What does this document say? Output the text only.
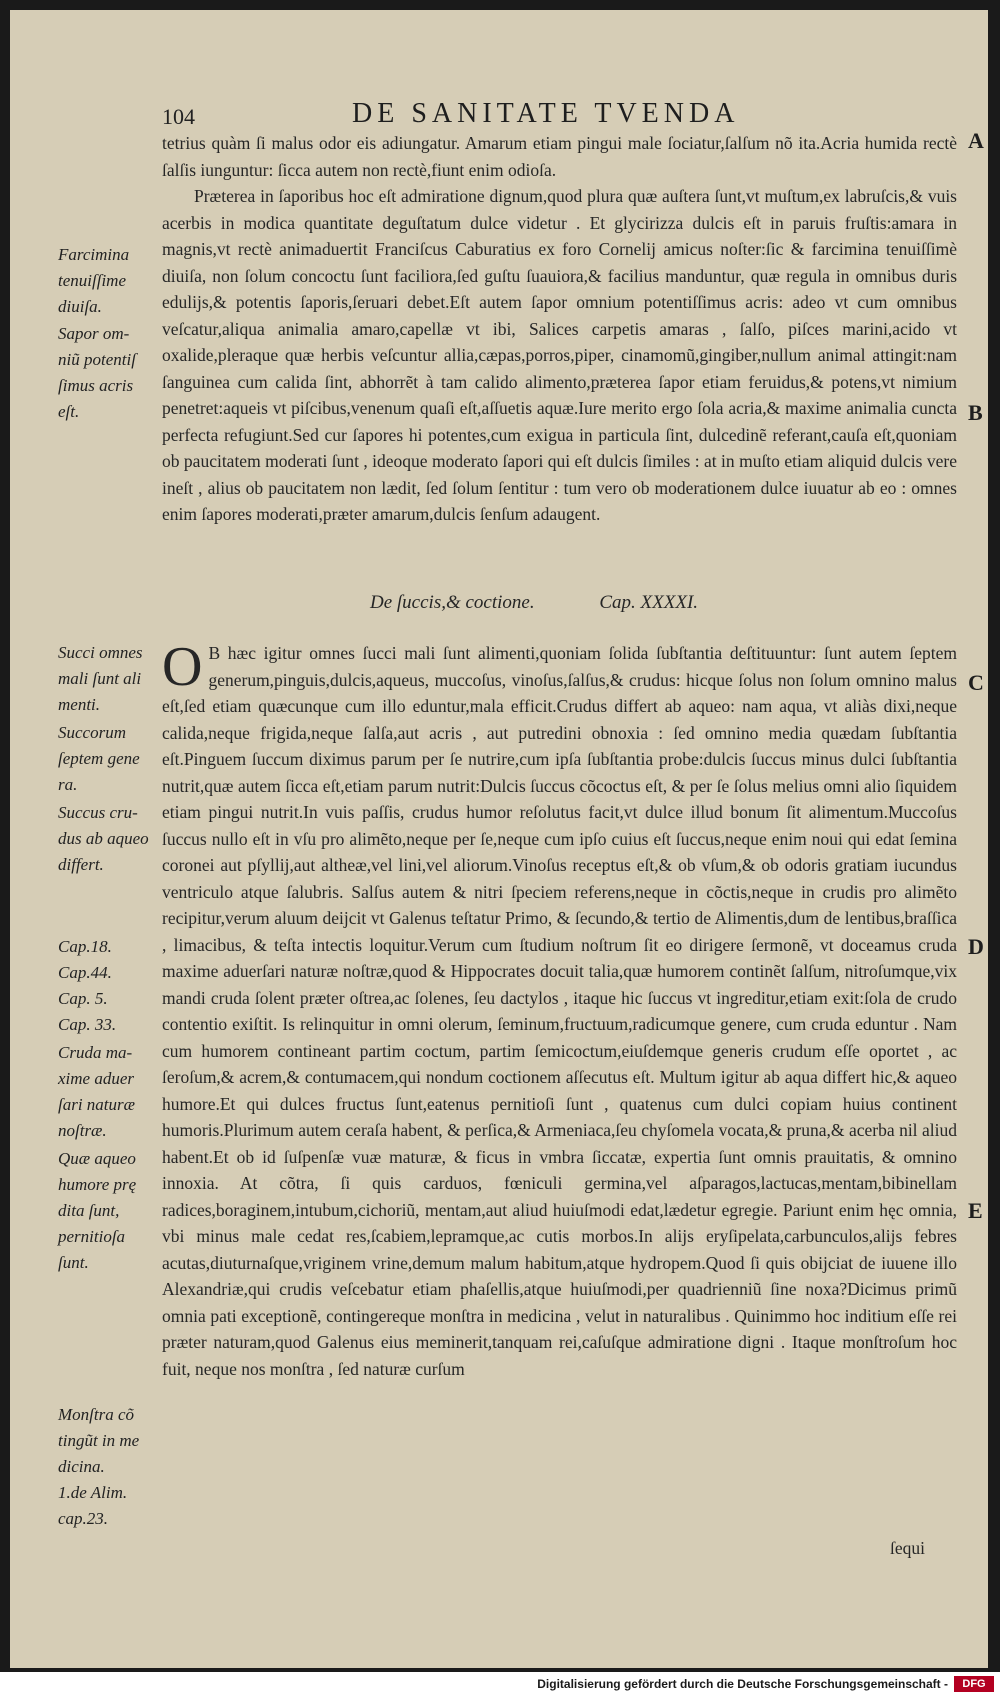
104	DE SANITATE TVENDA

tetrius quàm ſi malus odor eis adiungatur. Amarum etiam pingui male ſociatur,ſalſum nõ ita.Acria humida rectè ſalſis iunguntur: ſicca autem non rectè,fiunt enim odioſa.

Præterea in ſaporibus hoc eſt admiratione dignum,quod plura quæ auſtera ſunt,vt muſtum,ex labruſcis,& vuis acerbis in modica quantitate deguſtatum dulce videtur . Et glycirizza dulcis eſt in paruis fruſtis:amara in magnis,vt rectè animaduertit Franciſcus Caburatius ex foro Cornelij amicus noſter:ſic & farcimina tenuiſſimè diuiſa, non ſolum concoctu ſunt faciliora,ſed guſtu ſuauiora,& facilius manduntur, quæ regula in omnibus duris edulijs,& potentis ſaporis,ſeruari debet.Eſt autem ſapor omnium potentiſſimus acris: adeo vt cum omnibus veſcatur,aliqua animalia amaro,capellæ vt ibi, Salices carpetis amaras , ſalſo, piſces marini,acido vt oxalide,pleraque quæ herbis veſcuntur allia,cæpas,porros,piper, cinamomũ,gingiber,nullum animal attingit:nam ſanguinea cum calida ſint, abhorrẽt à tam calido alimento,præterea ſapor etiam feruidus,& potens,vt nimium penetret:aqueis vt piſcibus,venenum quaſi eſt,aſſuetis aquæ.Iure merito ergo ſola acria,& maxime animalia cuncta perfecta refugiunt.Sed cur ſapores hi potentes,cum exigua in particula ſint, dulcedinẽ referant,cauſa eſt,quoniam ob paucitatem moderati ſunt , ideoque moderato ſapori qui eſt dulcis ſimiles : at in muſto etiam aliquid dulcis vere ineſt , alius ob paucitatem non lædit, ſed ſolum ſentitur : tum vero ob moderationem dulce iuuatur ab eo : omnes enim ſapores moderati,præter amarum,dulcis ſenſum adaugent.

De ſuccis,& coctione.	Cap. XXXXI.

O B hæc igitur omnes ſucci mali ſunt alimenti,quoniam ſolida ſubſtantia deſtituuntur: ſunt autem ſeptem generum,pinguis,dulcis,aqueus, muccoſus, vinoſus,ſalſus,& crudus: hicque ſolus non ſolum omnino malus eſt,ſed etiam quæcunque cum illo eduntur,mala efficit.Crudus differt ab aqueo: nam aqua, vt aliàs dixi,neque calida,neque frigida,neque ſalſa,aut acris , aut putredini obnoxia : ſed omnino media quædam ſubſtantia eſt.Pinguem ſuccum diximus parum per ſe nutrire,cum ipſa ſubſtantia probe:dulcis ſuccus minus dulci ſubſtantia nutrit,quæ autem ſicca eſt,etiam parum nutrit:Dulcis ſuccus cõcoctus eſt, & per ſe ſolus melius omni alio ſiquidem etiam pingui nutrit.In vuis paſſis, crudus humor reſolutus facit,vt dulce illud bonum ſit alimentum.Muccoſus ſuccus nullo eſt in vſu pro alimẽto,neque per ſe,neque cum ipſo cuius eſt ſuccus,neque enim noui qui edat ſemina coronei aut pſyllij,aut altheæ,vel lini,vel aliorum.Vinoſus receptus eſt,& ob vſum,& ob odoris gratiam iucundus ventriculo atque ſalubris. Salſus autem & nitri ſpeciem referens,neque in cõctis,neque in crudis pro alimẽto recipitur,verum aluum deijcit vt Galenus teſtatur Primo, & ſecundo,& tertio de Alimentis,dum de lentibus,braſſica , limacibus, & teſta intectis loquitur.Verum cum ſtudium noſtrum ſit eo dirigere ſermonẽ, vt doceamus cruda maxime aduerſari naturæ noſtræ,quod & Hippocrates docuit talia,quæ humorem continẽt ſalſum, nitroſumque,vix mandi cruda ſolent præter oſtrea,ac ſolenes, ſeu dactylos , itaque hic ſuccus vt ingreditur,etiam exit:ſola de crudo contentio exiſtit. Is relinquitur in omni olerum, ſeminum,fructuum,radicumque genere, cum cruda eduntur . Nam cum humorem contineant partim coctum, partim ſemicoctum,eiuſdemque generis crudum eſſe oportet , ac ſeroſum,& acrem,& contumacem,qui nondum coctionem aſſecutus eſt. Multum igitur ab aqua differt hic,& aqueo humore.Et qui dulces fructus ſunt,eatenus pernitioſi ſunt , quatenus cum dulci copiam huius continent humoris.Plurimum autem ceraſa habent, & perſica,& Armeniaca,ſeu chyſomela vocata,& pruna,& acerba nil aliud habent.Et ob id ſuſpenſæ vuæ maturæ, & ficus in vmbra ſiccatæ, expertia ſunt omnis prauitatis, & omnino innoxia. At cõtra, ſi quis carduos, fœniculi germina,vel aſparagos,lactucas,mentam,bibinellam radices,boraginem,intubum,cichoriũ, mentam,aut aliud huiuſmodi edat,lædetur egregie. Pariunt enim hęc omnia, vbi minus male cedat res,ſcabiem,lepramque,ac cutis morbos.In alijs eryſipelata,carbunculos,alijs febres acutas,diuturnaſque,vriginem vrine,demum malum habitum,atque hydropem.Quod ſi quis obijciat de iuuene illo Alexandriæ,qui crudis veſcebatur etiam phaſellis,atque huiuſmodi,per quadrienniũ ſine noxa?Dicimus primũ omnia pati exceptionẽ, contingereque monſtra in medicina , velut in naturalibus . Quinimmo hoc inditium eſſe rei præter naturam,quod Galenus eius meminerit,tanquam rei,caſuſque admiratione digni . Itaque monſtroſum hoc fuit, neque nos monſtra , ſed naturæ curſum

Farcimina
tenuiſſime
diuiſa.
Sapor om-
niũ potentiſ
ſimus acris
eſt.
Succi omnes
mali ſunt ali
menti.
Succorum
ſeptem gene
ra.
Succus cru-
dus ab aqueo
differt.
Cap.18.
Cap.44.
Cap. 5.
Cap. 33.
Cruda ma-
xime aduer
ſari naturæ
noſtræ.
Quæ aqueo
humore prę
dita ſunt,
pernitioſa
ſunt.
Monſtra cõ
tingũt in me
dicina.
1.de Alim.
cap.23.
A
B
C
D
E
ſequi
Digitalisierung gefördert durch die Deutsche Forschungsgemeinschaft -	DFG
